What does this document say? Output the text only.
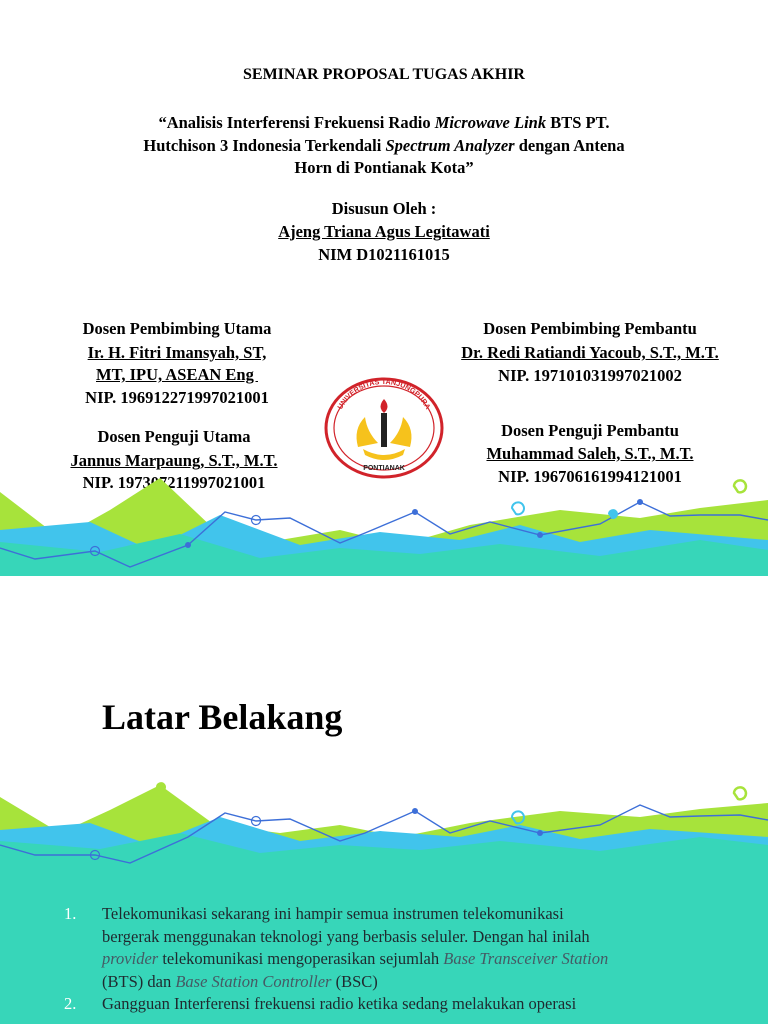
SEMINAR PROPOSAL TUGAS AKHIR
“Analisis Interferensi Frekuensi Radio Microwave Link BTS PT.
Hutchison 3 Indonesia Terkendali Spectrum Analyzer dengan Antena
Horn di Pontianak Kota”
Disusun Oleh :
Ajeng Triana Agus Legitawati
NIM D1021161015
Dosen Pembimbing Utama
Ir. H. Fitri Imansyah, ST,
MT, IPU, ASEAN Eng
NIP. 196912271997021001
Dosen Penguji Utama
Jannus Marpaung, S.T., M.T.
NIP. 197307211997021001
Dosen Pembimbing Pembantu
Dr. Redi Ratiandi Yacoub, S.T., M.T.
NIP. 197101031997021002
Dosen Penguji Pembantu
Muhammad Saleh, S.T., M.T.
NIP. 196706161994121001
UNIVERSITAS TANJUNGPURA
PONTIANAK
Latar Belakang
1.	Telekomunikasi sekarang ini hampir semua instrumen telekomunikasi
bergerak menggunakan teknologi yang berbasis seluler. Dengan hal inilah
provider telekomunikasi mengoperasikan sejumlah Base Transceiver Station
(BTS) dan Base Station Controller (BSC)
2.	Gangguan Interferensi frekuensi radio ketika sedang melakukan operasi
